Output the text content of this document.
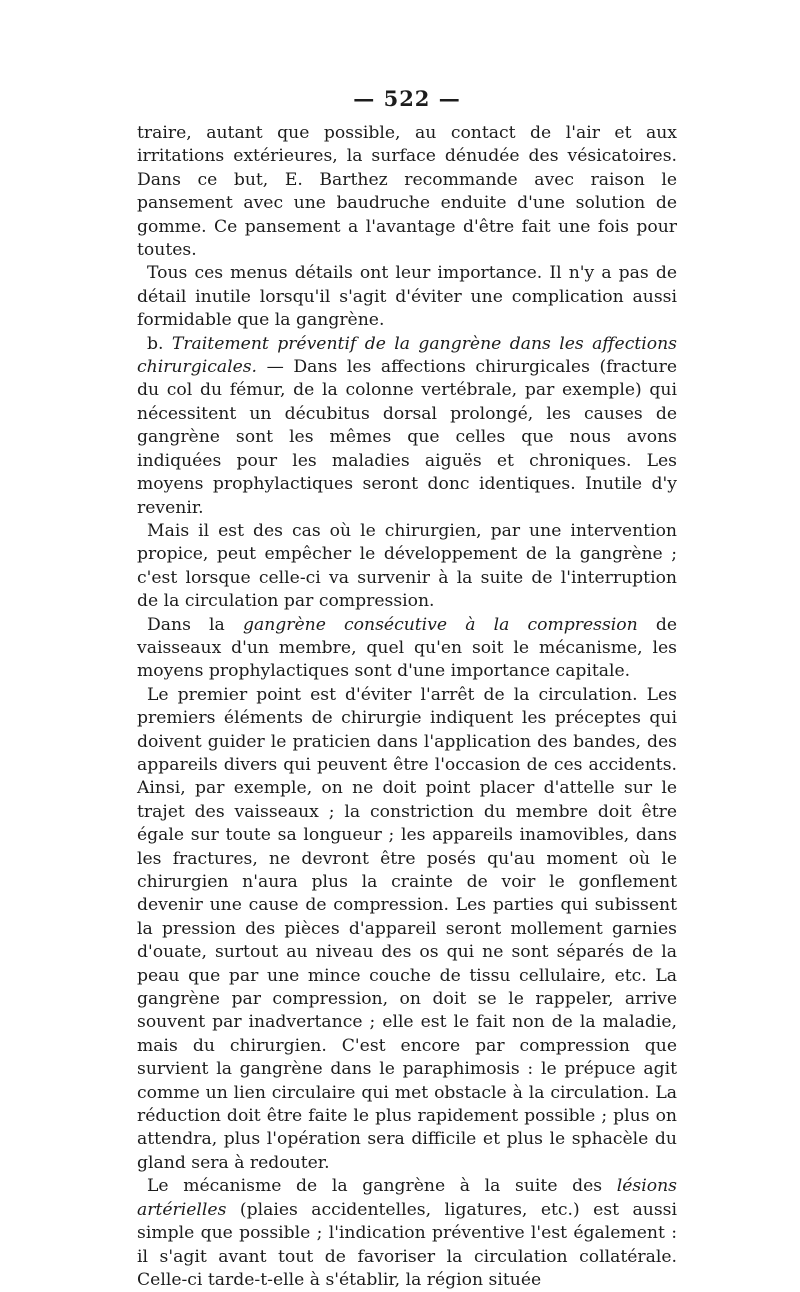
— 522 —

traire, autant que possible, au contact de l'air et aux irritations extérieures, la surface dénudée des vésicatoires. Dans ce but, E. Barthez recommande avec raison le pansement avec une baudruche enduite d'une solution de gomme. Ce pansement a l'avantage d'être fait une fois pour toutes.

Tous ces menus détails ont leur importance. Il n'y a pas de détail inutile lorsqu'il s'agit d'éviter une complication aussi formidable que la gangrène.

b. Traitement préventif de la gangrène dans les affections chirurgicales. — Dans les affections chirurgicales (fracture du col du fémur, de la colonne vertébrale, par exemple) qui nécessitent un décubitus dorsal prolongé, les causes de gangrène sont les mêmes que celles que nous avons indiquées pour les maladies aiguës et chroniques. Les moyens prophylactiques seront donc identiques. Inutile d'y revenir.

Mais il est des cas où le chirurgien, par une intervention propice, peut empêcher le développement de la gangrène ; c'est lorsque celle-ci va survenir à la suite de l'interruption de la circulation par compression.

Dans la gangrène consécutive à la compression de vaisseaux d'un membre, quel qu'en soit le mécanisme, les moyens prophylactiques sont d'une importance capitale.

Le premier point est d'éviter l'arrêt de la circulation. Les premiers éléments de chirurgie indiquent les préceptes qui doivent guider le praticien dans l'application des bandes, des appareils divers qui peuvent être l'occasion de ces accidents. Ainsi, par exemple, on ne doit point placer d'attelle sur le trajet des vaisseaux ; la constriction du membre doit être égale sur toute sa longueur ; les appareils inamovibles, dans les fractures, ne devront être posés qu'au moment où le chirurgien n'aura plus la crainte de voir le gonflement devenir une cause de compression. Les parties qui subissent la pression des pièces d'appareil seront mollement garnies d'ouate, surtout au niveau des os qui ne sont séparés de la peau que par une mince couche de tissu cellulaire, etc. La gangrène par compression, on doit se le rappeler, arrive souvent par inadvertance ; elle est le fait non de la maladie, mais du chirurgien. C'est encore par compression que survient la gangrène dans le paraphimosis : le prépuce agit comme un lien circulaire qui met obstacle à la circulation. La réduction doit être faite le plus rapidement possible ; plus on attendra, plus l'opération sera difficile et plus le sphacèle du gland sera à redouter.

Le mécanisme de la gangrène à la suite des lésions artérielles (plaies accidentelles, ligatures, etc.) est aussi simple que possible ; l'indication préventive l'est également : il s'agit avant tout de favoriser la circulation collatérale. Celle-ci tarde-t-elle à s'établir, la région située
